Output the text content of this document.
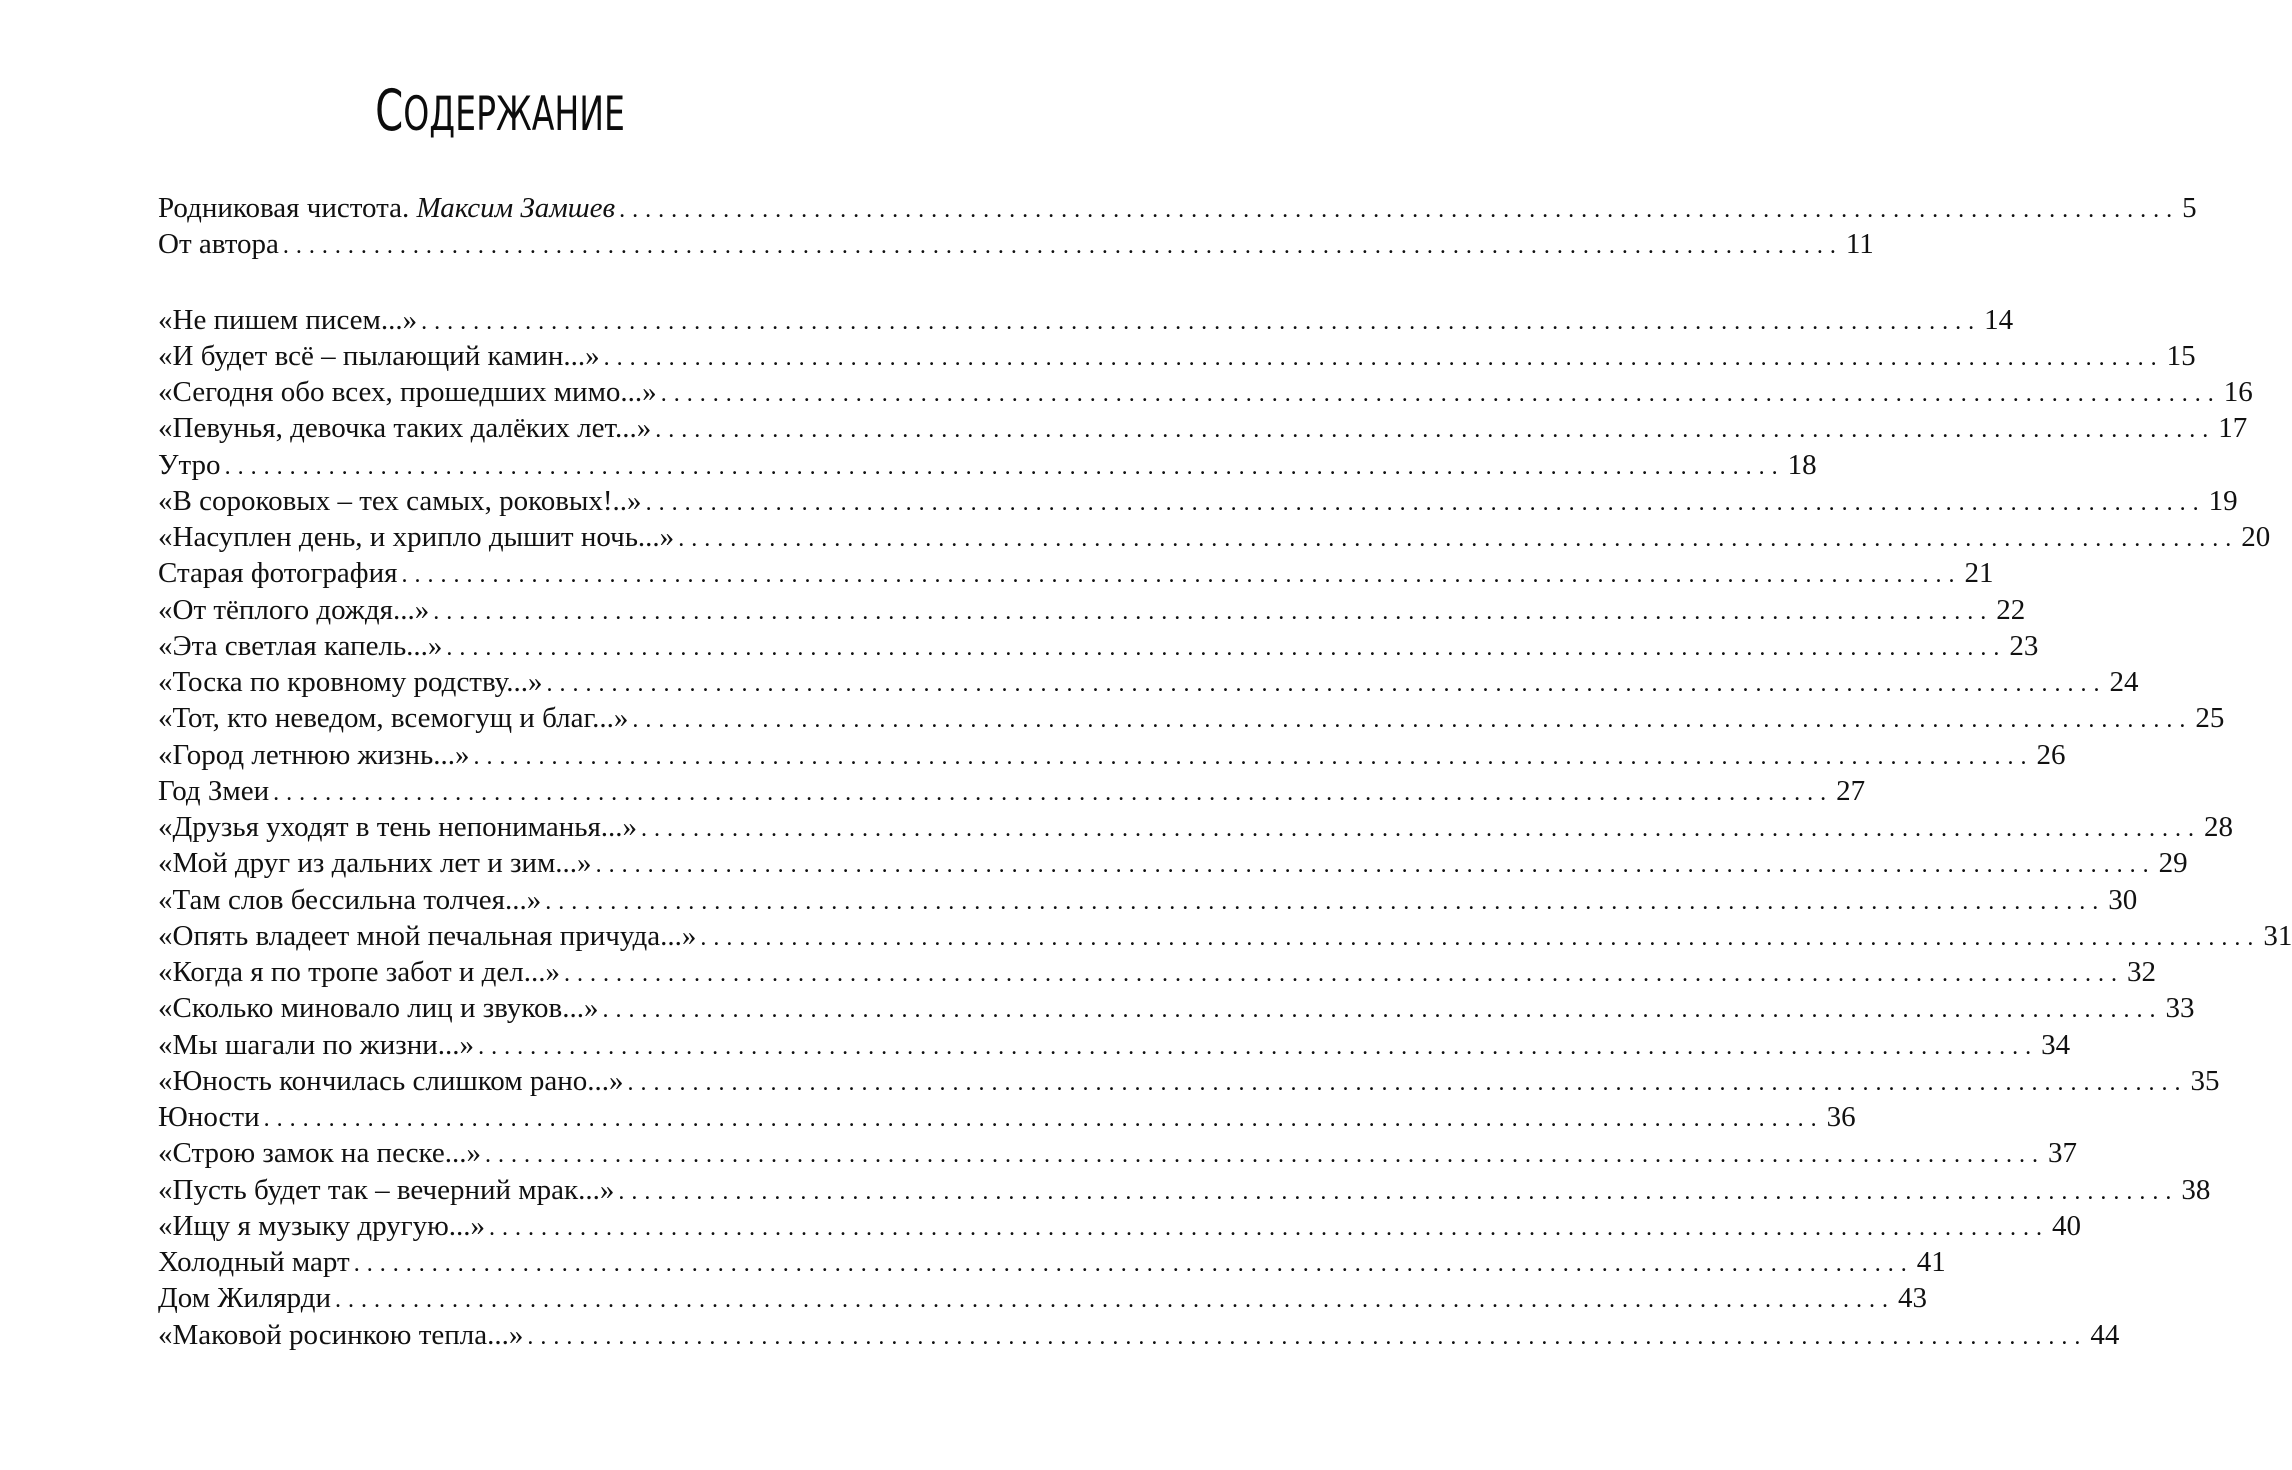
СОДЕРЖАНИЕ
Родниковая чистота. Максим Замшев ........................................................................................................................ 5
От автора ........................................................................................................................ 11
«Не пишем писем...» ........................................................................................................................ 14
«И будет всё – пылающий камин...» ........................................................................................................................ 15
«Сегодня обо всех, прошедших мимо...» ........................................................................................................................ 16
«Певунья, девочка таких далёких лет...» ........................................................................................................................ 17
Утро ........................................................................................................................ 18
«В сороковых – тех самых, роковых!..» ........................................................................................................................ 19
«Насуплен день, и хрипло дышит ночь...» ........................................................................................................................ 20
Старая фотография ........................................................................................................................ 21
«От тёплого дождя...» ........................................................................................................................ 22
«Эта светлая капель...» ........................................................................................................................ 23
«Тоска по кровному родству...» ........................................................................................................................ 24
«Тот, кто неведом, всемогущ и благ...» ........................................................................................................................ 25
«Город летнюю жизнь...» ........................................................................................................................ 26
Год Змеи ........................................................................................................................ 27
«Друзья уходят в тень непониманья...» ........................................................................................................................ 28
«Мой друг из дальних лет и зим...» ........................................................................................................................ 29
«Там слов бессильна толчея...» ........................................................................................................................ 30
«Опять владеет мной печальная причуда...» ........................................................................................................................ 31
«Когда я по тропе забот и дел...» ........................................................................................................................ 32
«Сколько миновало лиц и звуков...» ........................................................................................................................ 33
«Мы шагали по жизни...» ........................................................................................................................ 34
«Юность кончилась слишком рано...» ........................................................................................................................ 35
Юности ........................................................................................................................ 36
«Строю замок на песке...» ........................................................................................................................ 37
«Пусть будет так – вечерний мрак...» ........................................................................................................................ 38
«Ищу я музыку другую...» ........................................................................................................................ 40
Холодный март ........................................................................................................................ 41
Дом Жилярди ........................................................................................................................ 43
«Маковой росинкою тепла...» ........................................................................................................................ 44
